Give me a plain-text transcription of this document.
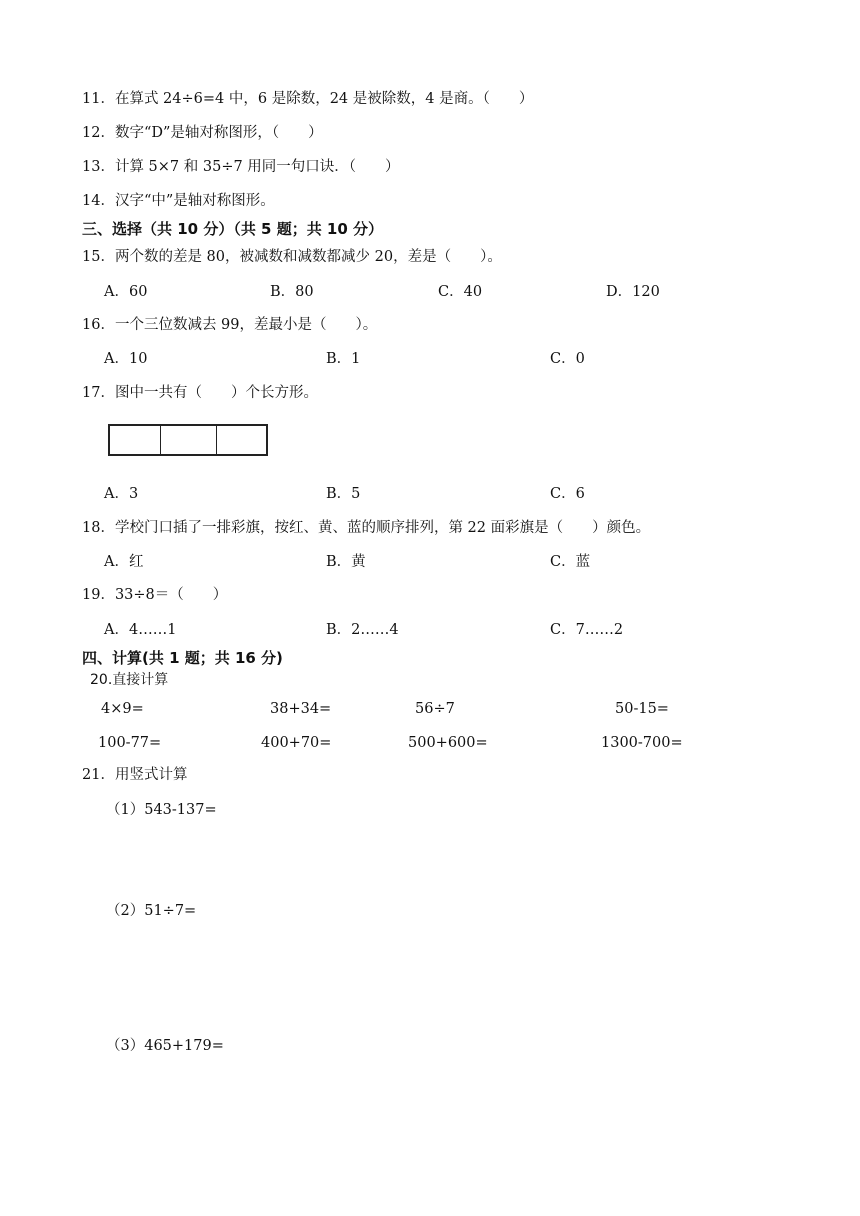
11．在算式 24÷6=4 中，6 是除数，24 是被除数，4 是商。（　　）
12．数字“D”是轴对称图形，（　　）
13．计算 5×7 和 35÷7 用同一句口诀．（　　）
14．汉字“中”是轴对称图形。
三、选择（共 10 分）（共 5 题；共 10 分）
15．两个数的差是 80，被减数和减数都减少 20，差是（　　）。
A．60	B．80	C．40	D．120
16．一个三位数减去 99，差最小是（　　）。
A．10	B．1	C．0
17．图中一共有（　　）个长方形。
A．3	B．5	C．6
18．学校门口插了一排彩旗，按红、黄、蓝的顺序排列，第 22 面彩旗是（　　）颜色。
A．红	B．黄	C．蓝
19．33÷8＝（　　）
A．4……1	B．2……4	C．7……2
四、计算(共 1 题；共 16 分)
20.直接计算
4×9=	38+34=	56÷7	50-15=
100-77=	400+70=	500+600=	1300-700=
21．用竖式计算
（1）543-137=
（2）51÷7=
（3）465+179=
